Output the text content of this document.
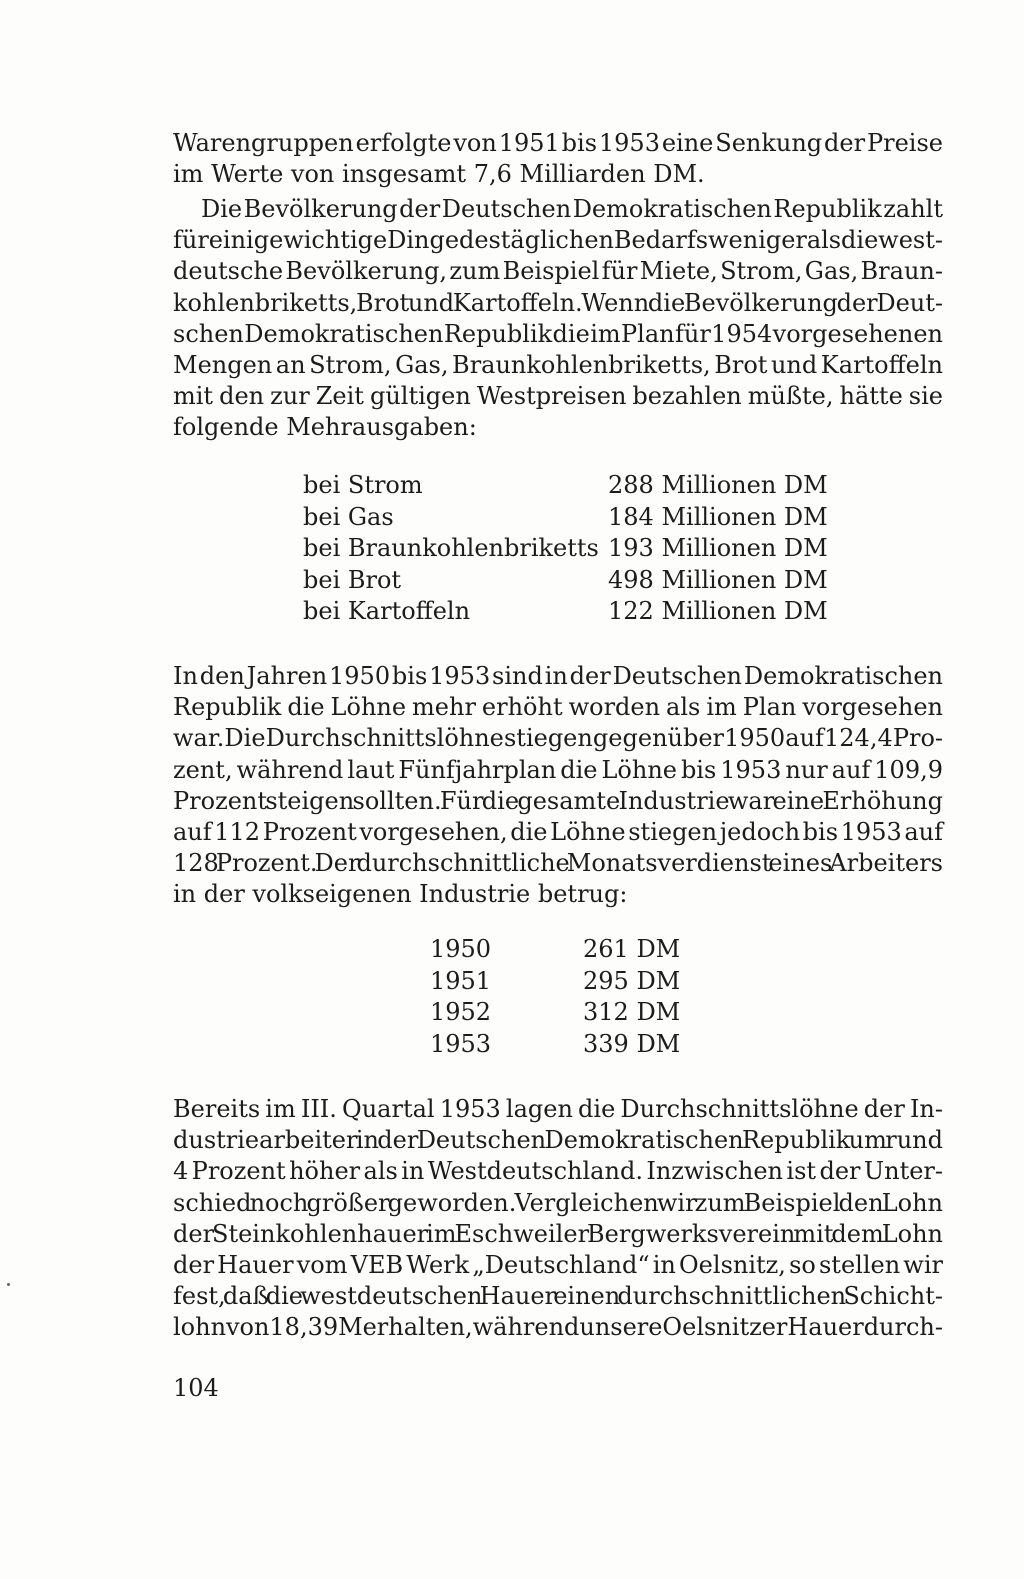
Warengruppen erfolgte von 1951 bis 1953 eine Senkung der Preise
im Werte von insgesamt 7,6 Milliarden DM.
Die Bevölkerung der Deutschen Demokratischen Republik zahlt
für einige wichtige Dinge des täglichen Bedarfs weniger als die west-
deutsche Bevölkerung, zum Beispiel für Miete, Strom, Gas, Braun-
kohlenbriketts, Brot und Kartoffeln. Wenn die Bevölkerung der Deut-
schen Demokratischen Republik die im Plan für 1954 vorgesehenen
Mengen an Strom, Gas, Braunkohlenbriketts, Brot und Kartoffeln
mit den zur Zeit gültigen Westpreisen bezahlen müßte, hätte sie
folgende Mehrausgaben:
bei Strom	288 Millionen DM
bei Gas	184 Millionen DM
bei Braunkohlenbriketts 193 Millionen DM
bei Brot	498 Millionen DM
bei Kartoffeln	122 Millionen DM
In den Jahren 1950 bis 1953 sind in der Deutschen Demokratischen
Republik die Löhne mehr erhöht worden als im Plan vorgesehen
war. Die Durchschnittslöhne stiegen gegenüber 1950 auf 124,4 Pro-
zent, während laut Fünfjahrplan die Löhne bis 1953 nur auf 109,9
Prozent steigen sollten. Für die gesamte Industrie war eine Erhöhung
auf 112 Prozent vorgesehen, die Löhne stiegen jedoch bis 1953 auf
128 Prozent. Der durchschnittliche Monatsverdienst eines Arbeiters
in der volkseigenen Industrie betrug:
1950	261 DM
1951	295 DM
1952	312 DM
1953	339 DM
Bereits im III. Quartal 1953 lagen die Durchschnittslöhne der In-
dustriearbeiter in der Deutschen Demokratischen Republik um rund
4 Prozent höher als in Westdeutschland. Inzwischen ist der Unter-
schied noch größer geworden. Vergleichen wir zum Beispiel den Lohn
der Steinkohlenhauer im Eschweiler Bergwerksverein mit dem Lohn
der Hauer vom VEB Werk „Deutschland“ in Oelsnitz, so stellen wir
fest, daß die westdeutschen Hauer einen durchschnittlichen Schicht-
lohn von 18,39 M erhalten, während unsere Oelsnitzer Hauer durch-
104
